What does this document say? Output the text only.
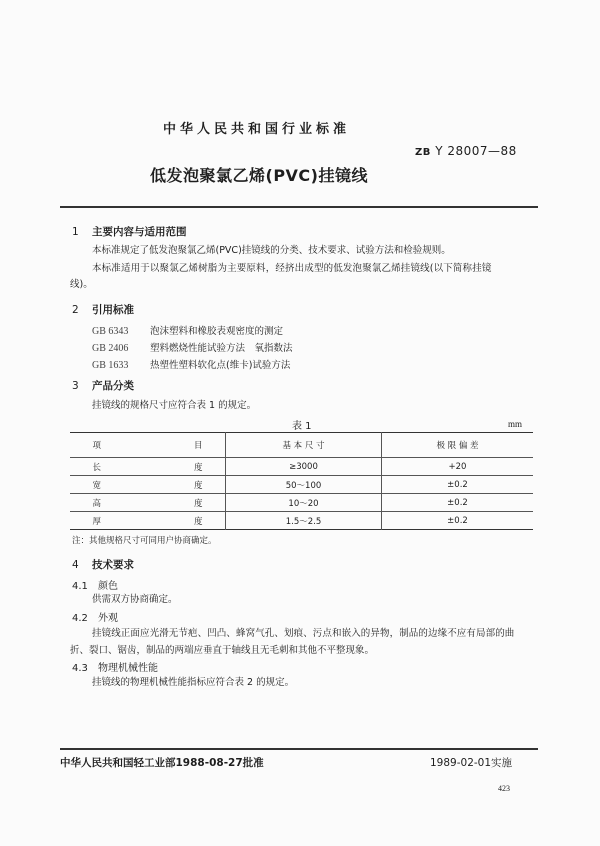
中华人民共和国行业标准
ZB Y 28007—88
低发泡聚氯乙烯(PVC)挂镜线
1 主要内容与适用范围
本标准规定了低发泡聚氯乙烯(PVC)挂镜线的分类、技术要求、试验方法和检验规则。
本标准适用于以聚氯乙烯树脂为主要原料，经挤出成型的低发泡聚氯乙烯挂镜线(以下简称挂镜
线)。
2 引用标准
GB 6343 泡沫塑料和橡胶表观密度的测定
GB 2406 塑料燃烧性能试验方法　氧指数法
GB 1633 热塑性塑料软化点(维卡)试验方法
3 产品分类
挂镜线的规格尺寸应符合表 1 的规定。
表 1	mm
项 目	基 本 尺 寸	极 限 偏 差
长 度	≥3000	+20
宽 度	50～100	±0.2
高 度	10～20	±0.2
厚 度	1.5～2.5	±0.2
注：其他规格尺寸可同用户协商确定。
4 技术要求
4.1 颜色
供需双方协商确定。
4.2 外观
挂镜线正面应光滑无节疤、凹凸、蜂窝气孔、划痕、污点和嵌入的异物，制品的边缘不应有局部的曲
折、裂口、锯齿，制品的两端应垂直于轴线且无毛刺和其他不平整现象。
4.3 物理机械性能
挂镜线的物理机械性能指标应符合表 2 的规定。
中华人民共和国轻工业部1988-08-27批准	1989-02-01实施
423
